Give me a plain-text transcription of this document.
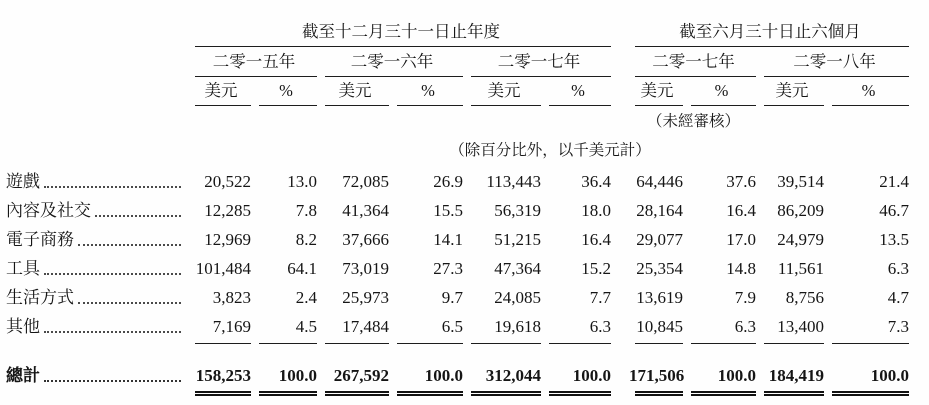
	截至十二月三十一日止年度							截至六月三十日止六個月			

	二零一五年		二零一六年		二零一七年			二零一七年		二零一八年	

	美元	%	美元	%	美元	%		美元	%	美元	%

								（未經審核）			
	（除百分比外，以千美元計）										

遊戲	20,522	13.0	72,085	26.9	113,443	36.4		64,446	37.6	39,514	21.4

內容及社交	12,285	7.8	41,364	15.5	56,319	18.0		28,164	16.4	86,209	46.7

電子商務	12,969	8.2	37,666	14.1	51,215	16.4		29,077	17.0	24,979	13.5

工具	101,484	64.1	73,019	27.3	47,364	15.2		25,354	14.8	11,561	6.3

生活方式	3,823	2.4	25,973	9.7	24,085	7.7		13,619	7.9	8,756	4.7

其他	7,169	4.5	17,484	6.5	19,618	6.3		10,845	6.3	13,400	7.3

總計	158,253	100.0	267,592	100.0	312,044	100.0		171,506	100.0	184,419	100.0
